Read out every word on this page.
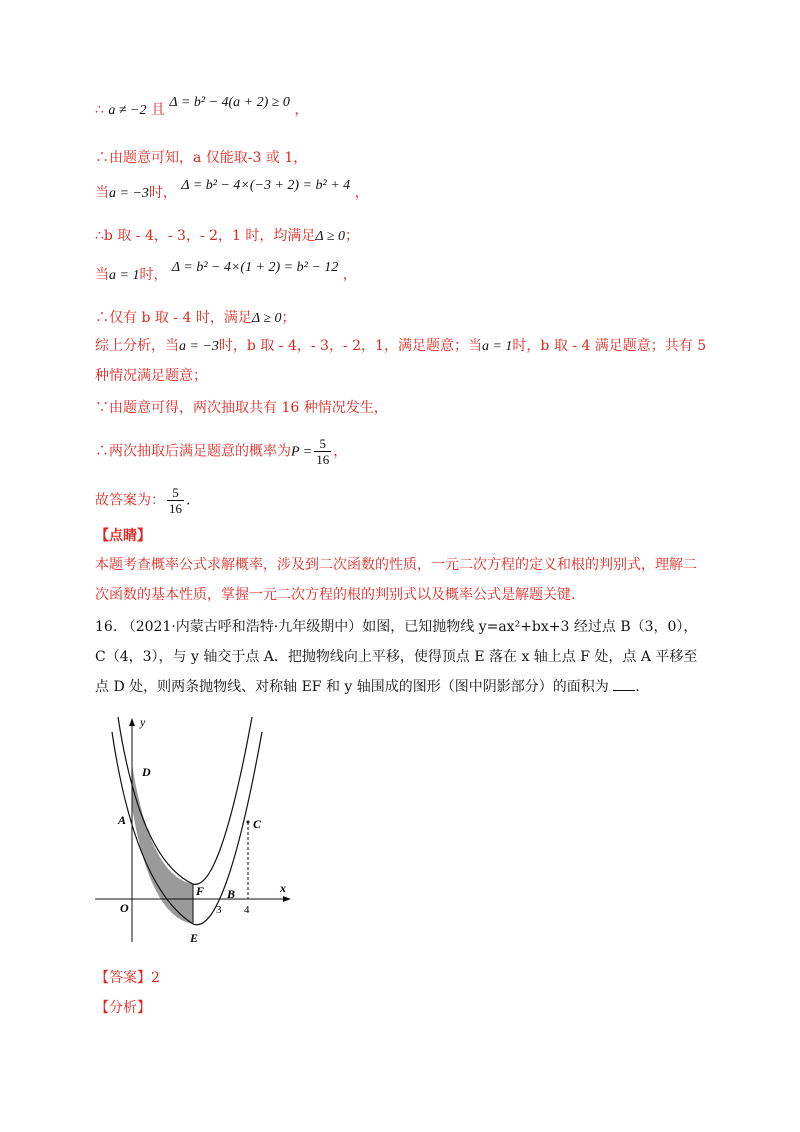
∴ a ≠ −2 且 Δ = b² − 4(a + 2) ≥ 0 ，
∴由题意可知，a 仅能取-3 或 1，
当a = −3时， Δ = b² − 4×(−3 + 2) = b² + 4 ，
∴b 取 - 4，- 3，- 2，1 时，均满足Δ ≥ 0；
当a = 1时， Δ = b² − 4×(1 + 2) = b² − 12 ，
∴仅有 b 取 - 4 时，满足Δ ≥ 0；
综上分析，当a = −3时，b 取 - 4，- 3，- 2，1，满足题意；当a = 1时，b 取 - 4 满足题意；共有 5
种情况满足题意；
∵由题意可得，两次抽取共有 16 种情况发生，
∴两次抽取后满足题意的概率为$P = \frac{5}{16}$ ，
故答案为： $\frac{5}{16}$ .
【点睛】
本题考查概率公式求解概率，涉及到二次函数的性质，一元二次方程的定义和根的判别式，理解二次函数的基本性质，掌握一元二次方程的根的判别式以及概率公式是解题关键.
16. （2021·内蒙古呼和浩特·九年级期中）如图，已知抛物线 y=ax²+bx+3 经过点 B（3，0），C（4，3），与 y 轴交于点 A．把抛物线向上平移，使得顶点 E 落在 x 轴上点 F 处，点 A 平移至点 D 处，则两条抛物线、对称轴 EF 和 y 轴围成的图形（图中阴影部分）的面积为 .
y
x
O
A
D
C
F B
E
3 4
【答案】2
【分析】
